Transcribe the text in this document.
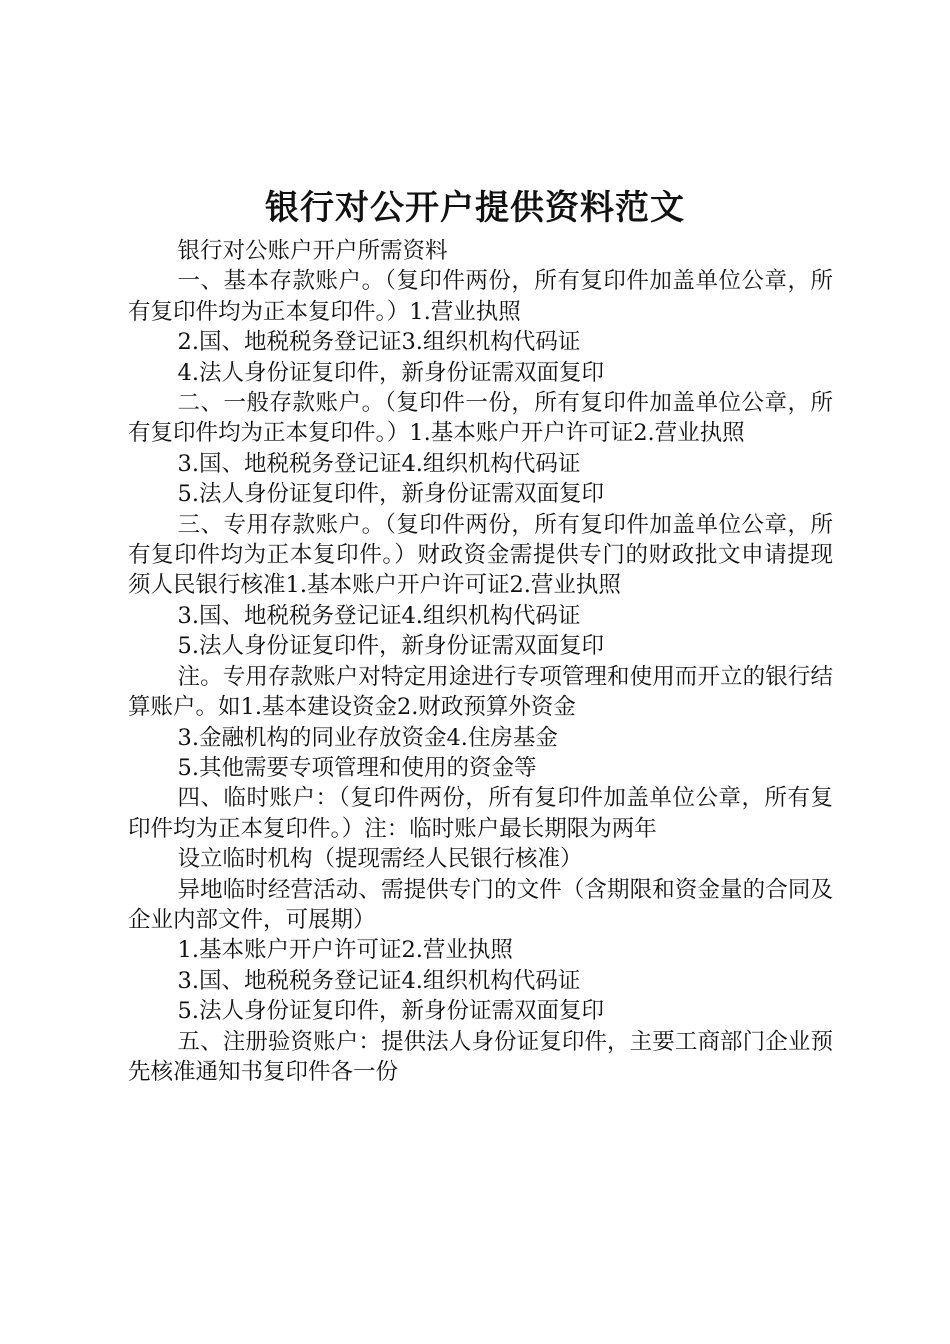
银行对公开户提供资料范文

银行对公账户开户所需资料

一、基本存款账户。（复印件两份，所有复印件加盖单位公章，所有复印件均为正本复印件。）1.营业执照

2.国、地税税务登记证3.组织机构代码证

4.法人身份证复印件，新身份证需双面复印

二、一般存款账户。（复印件一份，所有复印件加盖单位公章，所有复印件均为正本复印件。）1.基本账户开户许可证2.营业执照

3.国、地税税务登记证4.组织机构代码证

5.法人身份证复印件，新身份证需双面复印

三、专用存款账户。（复印件两份，所有复印件加盖单位公章，所有复印件均为正本复印件。）财政资金需提供专门的财政批文申请提现须人民银行核准1.基本账户开户许可证2.营业执照

3.国、地税税务登记证4.组织机构代码证

5.法人身份证复印件，新身份证需双面复印

注。专用存款账户对特定用途进行专项管理和使用而开立的银行结算账户。如1.基本建设资金2.财政预算外资金

3.金融机构的同业存放资金4.住房基金

5.其他需要专项管理和使用的资金等

四、临时账户：（复印件两份，所有复印件加盖单位公章，所有复印件均为正本复印件。）注：临时账户最长期限为两年

设立临时机构（提现需经人民银行核准）

异地临时经营活动、需提供专门的文件（含期限和资金量的合同及企业内部文件，可展期）

1.基本账户开户许可证2.营业执照

3.国、地税税务登记证4.组织机构代码证

5.法人身份证复印件，新身份证需双面复印

五、注册验资账户：提供法人身份证复印件，主要工商部门企业预先核准通知书复印件各一份
